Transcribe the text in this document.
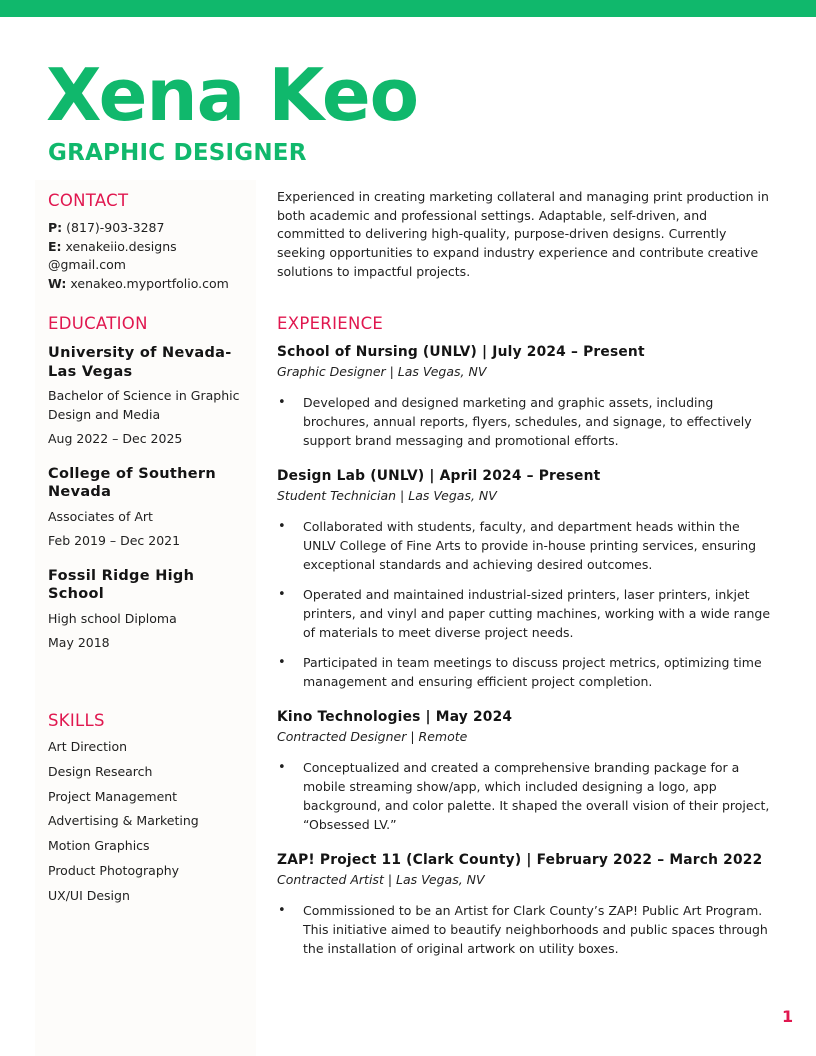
Xena Keo
GRAPHIC DESIGNER
CONTACT

P: (817)-903-3287

E: xenakeiio.designs

@gmail.com

W: xenakeo.myportfolio.com

EDUCATION

University of Nevada-Las Vegas

Bachelor of Science in Graphic Design and Media

Aug 2022 – Dec 2025

College of Southern Nevada

Associates of Art

Feb 2019 – Dec 2021

Fossil Ridge High School

High school Diploma

May 2018

SKILLS

Art Direction

Design Research

Project Management

Advertising & Marketing

Motion Graphics

Product Photography

UX/UI Design

Experienced in creating marketing collateral and managing print production in both academic and professional settings. Adaptable, self-driven, and committed to delivering high-quality, purpose-driven designs. Currently seeking opportunities to expand industry experience and contribute creative solutions to impactful projects.

EXPERIENCE

School of Nursing (UNLV) | July 2024 – Present

Graphic Designer | Las Vegas, NV

• Developed and designed marketing and graphic assets, including brochures, annual reports, flyers, schedules, and signage, to effectively support brand messaging and promotional efforts.

Design Lab (UNLV) | April 2024 – Present

Student Technician | Las Vegas, NV

• Collaborated with students, faculty, and department heads within the UNLV College of Fine Arts to provide in-house printing services, ensuring exceptional standards and achieving desired outcomes.
• Operated and maintained industrial-sized printers, laser printers, inkjet printers, and vinyl and paper cutting machines, working with a wide range of materials to meet diverse project needs.
• Participated in team meetings to discuss project metrics, optimizing time management and ensuring efficient project completion.

Kino Technologies | May 2024

Contracted Designer | Remote

• Conceptualized and created a comprehensive branding package for a mobile streaming show/app, which included designing a logo, app background, and color palette. It shaped the overall vision of their project, “Obsessed LV.”

ZAP! Project 11 (Clark County) | February 2022 – March 2022

Contracted Artist | Las Vegas, NV

• Commissioned to be an Artist for Clark County’s ZAP! Public Art Program. This initiative aimed to beautify neighborhoods and public spaces through the installation of original artwork on utility boxes.
1
